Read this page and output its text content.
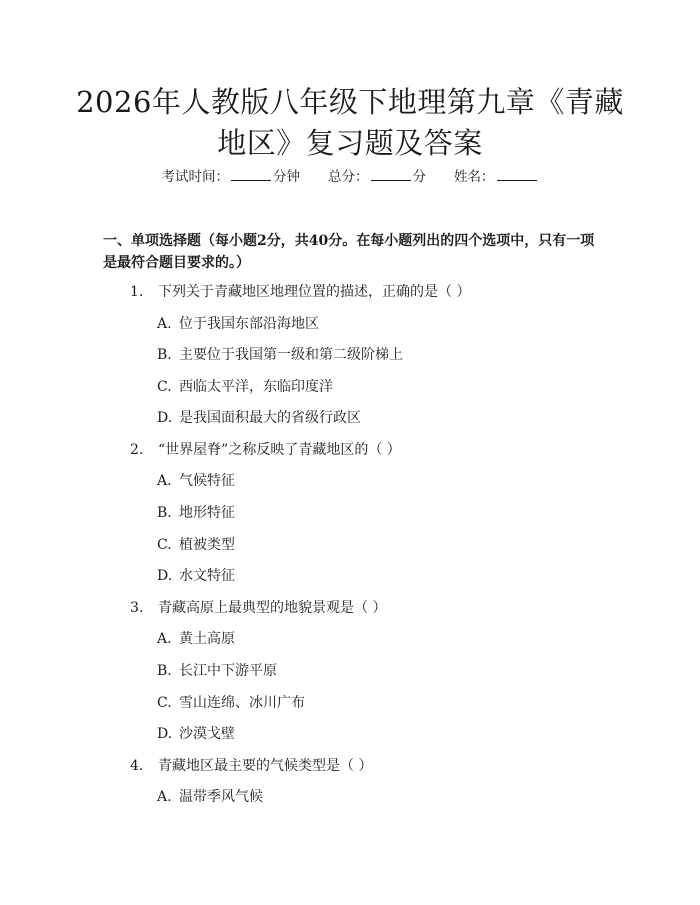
2026年人教版八年级下地理第九章《青藏地区》复习题及答案
考试时间：	分钟 总分：	分 姓名：

一、单项选择题（每小题2分，共40分。在每小题列出的四个选项中，只有一项是最符合题目要求的。）

1. 下列关于青藏地区地理位置的描述，正确的是（ ）
A. 位于我国东部沿海地区
B. 主要位于我国第一级和第二级阶梯上
C. 西临太平洋，东临印度洋
D. 是我国面积最大的省级行政区
2. “世界屋脊”之称反映了青藏地区的（ ）
A. 气候特征
B. 地形特征
C. 植被类型
D. 水文特征
3. 青藏高原上最典型的地貌景观是（ ）
A. 黄土高原
B. 长江中下游平原
C. 雪山连绵、冰川广布
D. 沙漠戈壁
4. 青藏地区最主要的气候类型是（ ）
A. 温带季风气候
